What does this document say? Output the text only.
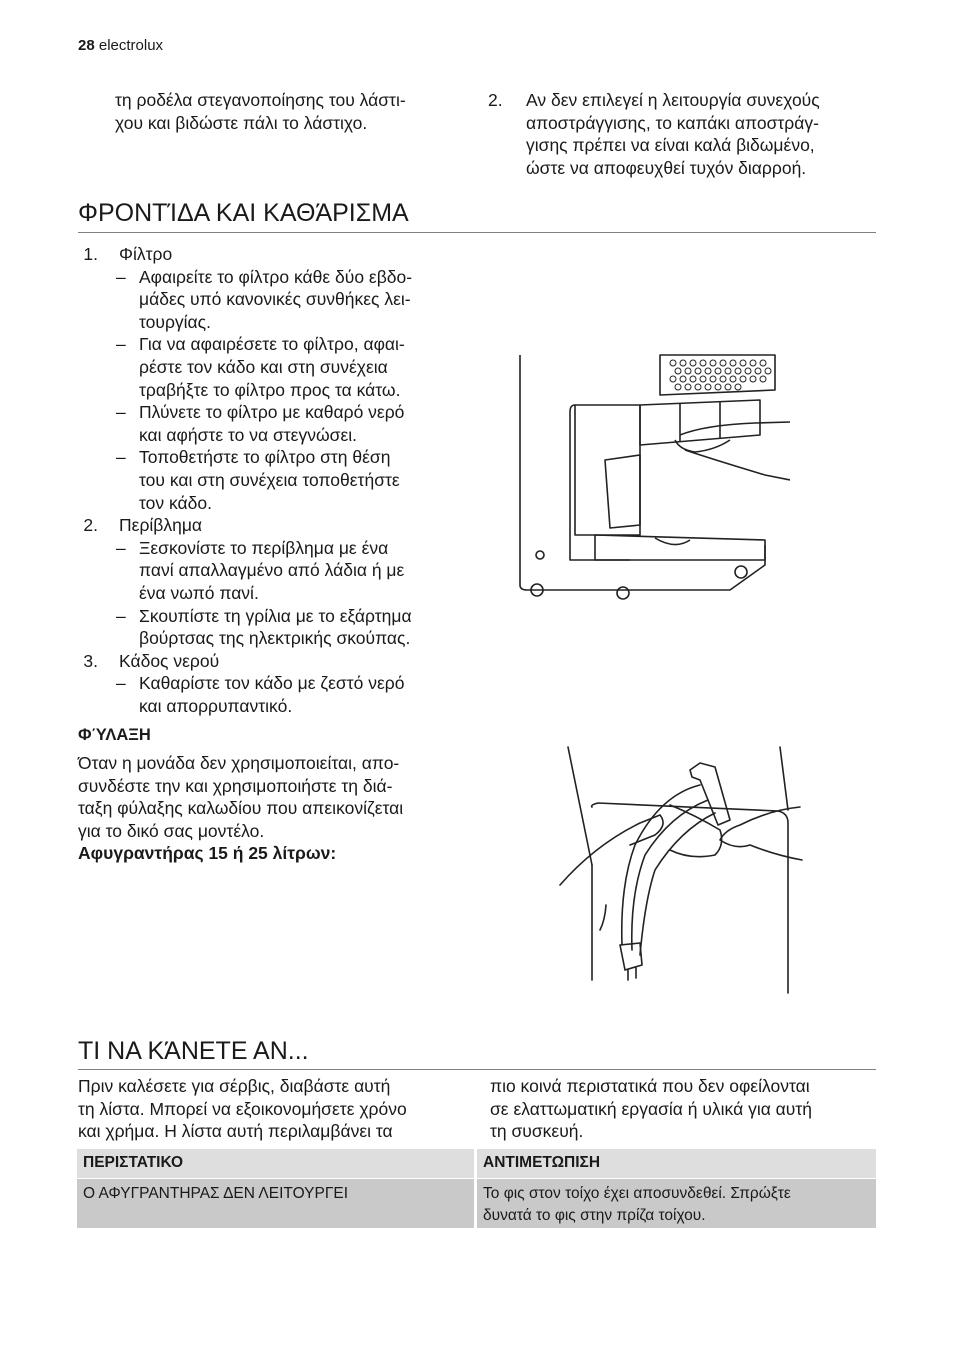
28 electrolux
τη ροδέλα στεγανοποίησης του λάστι-
χου και βιδώστε πάλι το λάστιχο.
2.	Αν δεν επιλεγεί η λειτουργία συνεχούς
αποστράγγισης, το καπάκι αποστράγ-
γισης πρέπει να είναι καλά βιδωμένο,
ώστε να αποφευχθεί τυχόν διαρροή.
ΦΡΟΝΤΊΔΑ ΚΑΙ ΚΑΘΆΡΙΣΜΑ
1. Φίλτρο
– Αφαιρείτε το φίλτρο κάθε δύο εβδο-
μάδες υπό κανονικές συνθήκες λει-
τουργίας.
– Για να αφαιρέσετε το φίλτρο, αφαι-
ρέστε τον κάδο και στη συνέχεια
τραβήξτε το φίλτρο προς τα κάτω.
– Πλύνετε το φίλτρο με καθαρό νερό
και αφήστε το να στεγνώσει.
– Τοποθετήστε το φίλτρο στη θέση
του και στη συνέχεια τοποθετήστε
τον κάδο.
2. Περίβλημα
– Ξεσκονίστε το περίβλημα με ένα
πανί απαλλαγμένο από λάδια ή με
ένα νωπό πανί.
– Σκουπίστε τη γρίλια με το εξάρτημα
βούρτσας της ηλεκτρικής σκούπας.
3. Κάδος νερού
– Καθαρίστε τον κάδο με ζεστό νερό
και απορρυπαντικό.
ΦΎΛΑΞΗ
Όταν η μονάδα δεν χρησιμοποιείται, απο-
συνδέστε την και χρησιμοποιήστε τη διά-
ταξη φύλαξης καλωδίου που απεικονίζεται
για το δικό σας μοντέλο.
Αφυγραντήρας 15 ή 25 λίτρων:
ΤΙ ΝΑ ΚΆΝΕΤΕ ΑΝ...
Πριν καλέσετε για σέρβις, διαβάστε αυτή
τη λίστα. Μπορεί να εξοικονομήσετε χρόνο
και χρήμα. Η λίστα αυτή περιλαμβάνει τα
πιο κοινά περιστατικά που δεν οφείλονται
σε ελαττωματική εργασία ή υλικά για αυτή
τη συσκευή.
ΠΕΡΙΣΤΑΤΙΚΟ	ΑΝΤΙΜΕΤΩΠΙΣΗ
Ο ΑΦΥΓΡΑΝΤΗΡΑΣ ΔΕΝ ΛΕΙΤΟΥΡΓΕΙ	Το φις στον τοίχο έχει αποσυνδεθεί. Σπρώξτε
δυνατά το φις στην πρίζα τοίχου.
